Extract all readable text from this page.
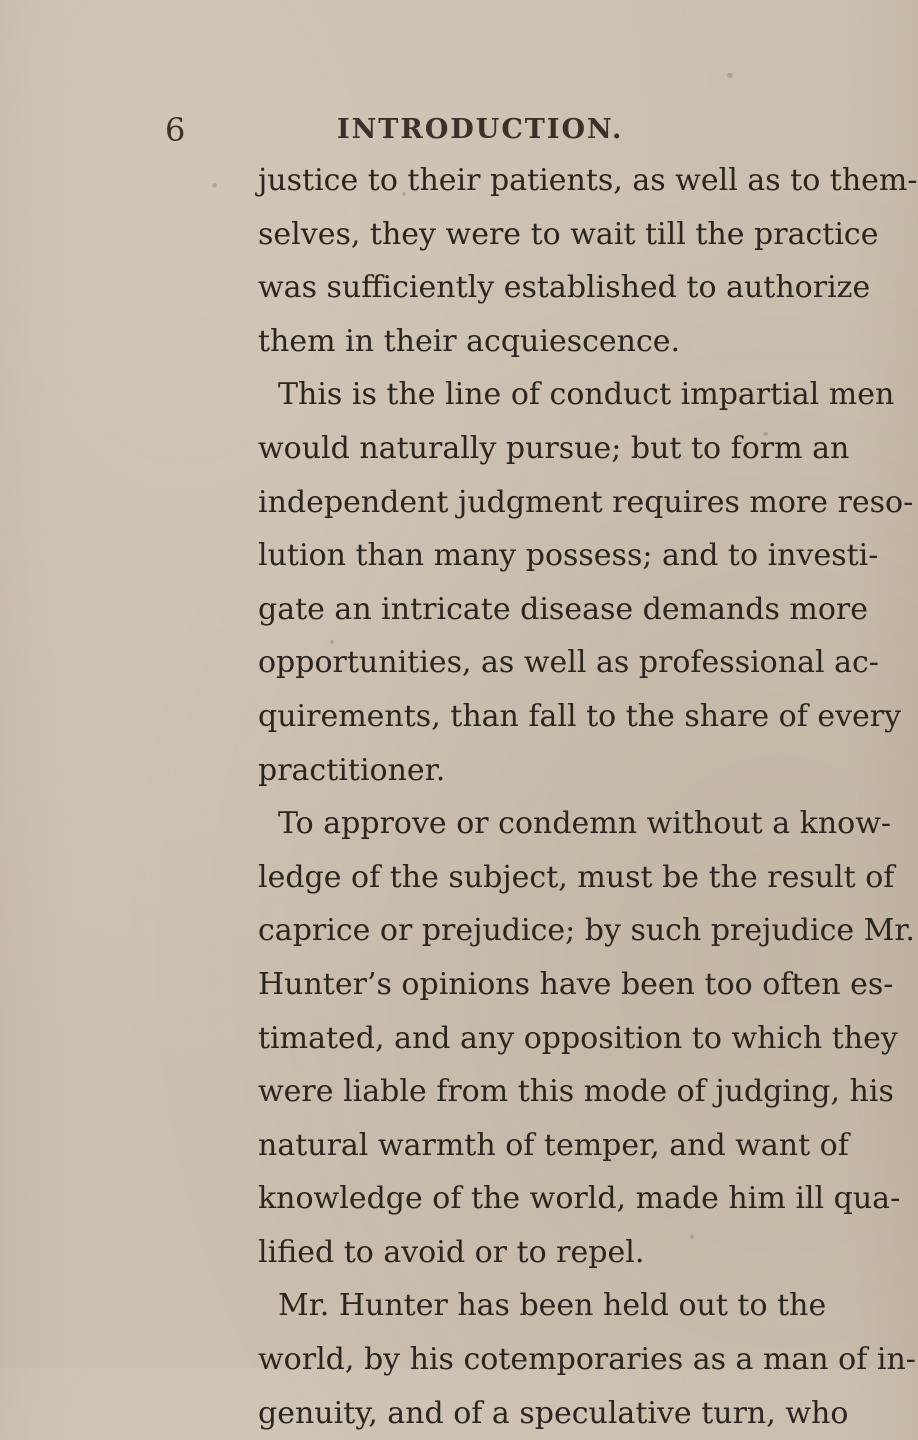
6	INTRODUCTION.
justice to their patients, as well as to them-
selves, they were to wait till the practice
was sufficiently established to authorize
them in their acquiescence.
This is the line of conduct impartial men
would naturally pursue; but to form an
independent judgment requires more reso-
lution than many possess; and to investi-
gate an intricate disease demands more
opportunities, as well as professional ac-
quirements, than fall to the share of every
practitioner.
To approve or condemn without a know-
ledge of the subject, must be the result of
caprice or prejudice; by such prejudice Mr.
Hunter’s opinions have been too often es-
timated, and any opposition to which they
were liable from this mode of judging, his
natural warmth of temper, and want of
knowledge of the world, made him ill qua-
lified to avoid or to repel.
Mr. Hunter has been held out to the
world, by his cotemporaries as a man of in-
genuity, and of a speculative turn, who
